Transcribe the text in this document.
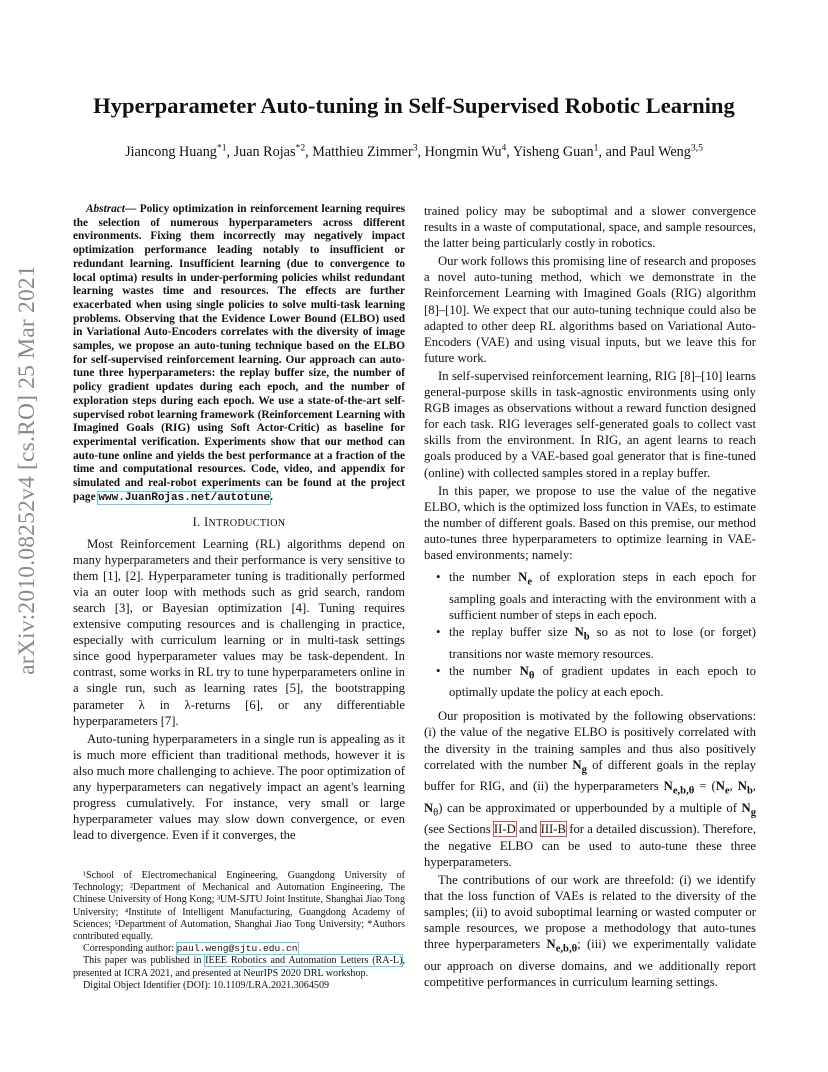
arXiv:2010.08252v4 [cs.RO] 25 Mar 2021
Hyperparameter Auto-tuning in Self-Supervised Robotic Learning
Jiancong Huang$^{*1}$, Juan Rojas$^{*2}$, Matthieu Zimmer$^3$, Hongmin Wu$^4$, Yisheng Guan$^1$, and Paul Weng$^{3,5}$

Abstract— Policy optimization in reinforcement learning requires the selection of numerous hyperparameters across different environments. Fixing them incorrectly may negatively impact optimization performance leading notably to insufficient or redundant learning. Insufficient learning (due to convergence to local optima) results in under-performing policies whilst redundant learning wastes time and resources. The effects are further exacerbated when using single policies to solve multi-task learning problems. Observing that the Evidence Lower Bound (ELBO) used in Variational Auto-Encoders correlates with the diversity of image samples, we propose an auto-tuning technique based on the ELBO for self-supervised reinforcement learning. Our approach can auto-tune three hyperparameters: the replay buffer size, the number of policy gradient updates during each epoch, and the number of exploration steps during each epoch. We use a state-of-the-art self-supervised robot learning framework (Reinforcement Learning with Imagined Goals (RIG) using Soft Actor-Critic) as baseline for experimental verification. Experiments show that our method can auto-tune online and yields the best performance at a fraction of the time and computational resources. Code, video, and appendix for simulated and real-robot experiments can be found at the project page www.JuanRojas.net/autotune.

I. INTRODUCTION

Most Reinforcement Learning (RL) algorithms depend on many hyperparameters and their performance is very sensitive to them [1], [2]. Hyperparameter tuning is traditionally performed via an outer loop with methods such as grid search, random search [3], or Bayesian optimization [4]. Tuning requires extensive computing resources and is challenging in practice, especially with curriculum learning or in multi-task settings since good hyperparameter values may be task-dependent. In contrast, some works in RL try to tune hyperparameters online in a single run, such as learning rates [5], the bootstrapping parameter λ in λ-returns [6], or any differentiable hyperparameters [7].

Auto-tuning hyperparameters in a single run is appealing as it is much more efficient than traditional methods, however it is also much more challenging to achieve. The poor optimization of any hyperparameters can negatively impact an agent's learning progress cumulatively. For instance, very small or large hyperparameter values may slow down convergence, or even lead to divergence. Even if it converges, the

¹School of Electromechanical Engineering, Guangdong University of Technology; ²Department of Mechanical and Automation Engineering, The Chinese University of Hong Kong; ³UM-SJTU Joint Institute, Shanghai Jiao Tong University; ⁴Institute of Intelligent Manufacturing, Guangdong Academy of Sciences; ⁵Department of Automation, Shanghai Jiao Tong University; *Authors contributed equally.

Corresponding author: paul.weng@sjtu.edu.cn

This paper was published in IEEE Robotics and Automation Letters (RA-L), presented at ICRA 2021, and presented at NeurIPS 2020 DRL workshop.

Digital Object Identifier (DOI): 10.1109/LRA.2021.3064509

trained policy may be suboptimal and a slower convergence results in a waste of computational, space, and sample resources, the latter being particularly costly in robotics.

Our work follows this promising line of research and proposes a novel auto-tuning method, which we demonstrate in the Reinforcement Learning with Imagined Goals (RIG) algorithm [8]–[10]. We expect that our auto-tuning technique could also be adapted to other deep RL algorithms based on Variational Auto-Encoders (VAE) and using visual inputs, but we leave this for future work.

In self-supervised reinforcement learning, RIG [8]–[10] learns general-purpose skills in task-agnostic environments using only RGB images as observations without a reward function designed for each task. RIG leverages self-generated goals to collect vast skills from the environment. In RIG, an agent learns to reach goals produced by a VAE-based goal generator that is fine-tuned (online) with collected samples stored in a replay buffer.

In this paper, we propose to use the value of the negative ELBO, which is the optimized loss function in VAEs, to estimate the number of different goals. Based on this premise, our method auto-tunes three hyperparameters to optimize learning in VAE-based environments; namely:

• the number $N_e$ of exploration steps in each epoch for sampling goals and interacting with the environment with a sufficient number of steps in each epoch.
• the replay buffer size $N_b$ so as not to lose (or forget) transitions nor waste memory resources.
• the number $N_\theta$ of gradient updates in each epoch to optimally update the policy at each epoch.

Our proposition is motivated by the following observations: (i) the value of the negative ELBO is positively correlated with the diversity in the training samples and thus also positively correlated with the number $N_g$ of different goals in the replay buffer for RIG, and (ii) the hyperparameters $N_{e,b,\theta} = (N_e$, $N_b$, $N_\theta$) can be approximated or upperbounded by a multiple of $N_g$ (see Sections II-D and III-B for a detailed discussion). Therefore, the negative ELBO can be used to auto-tune these three hyperparameters.

The contributions of our work are threefold: (i) we identify that the loss function of VAEs is related to the diversity of the samples; (ii) to avoid suboptimal learning or wasted computer or sample resources, we propose a methodology that auto-tunes three hyperparameters $N_{e,b,\theta}$; (iii) we experimentally validate our approach on diverse domains, and we additionally report competitive performances in curriculum learning settings.
